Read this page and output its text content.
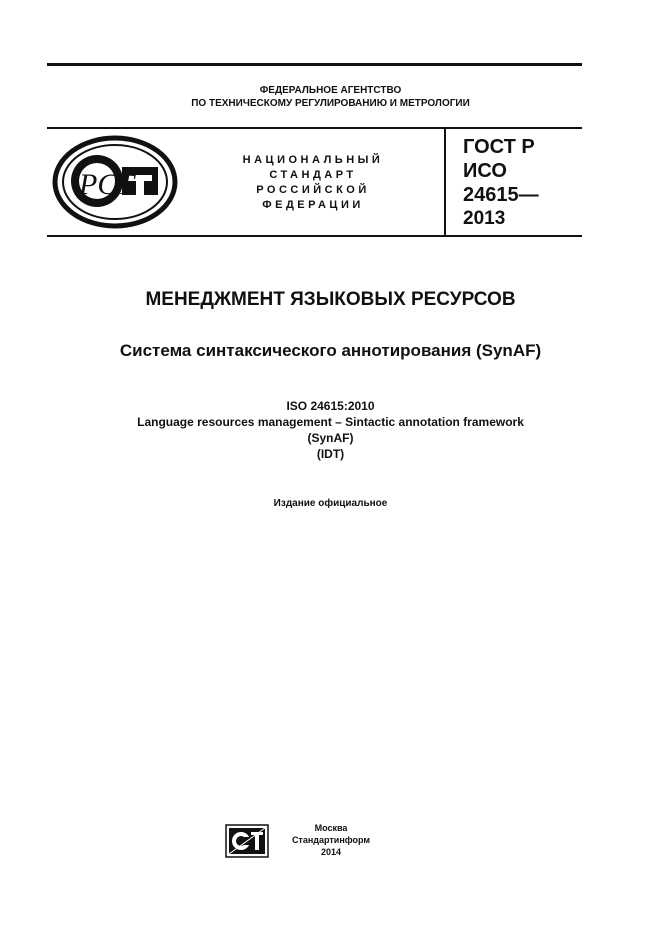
ФЕДЕРАЛЬНОЕ АГЕНТСТВО
ПО ТЕХНИЧЕСКОМУ РЕГУЛИРОВАНИЮ И МЕТРОЛОГИИ
PCT
НАЦИОНАЛЬНЫЙ
СТАНДАРТ
РОССИЙСКОЙ
ФЕДЕРАЦИИ
ГОСТ Р
ИСО
24615—
2013
МЕНЕДЖМЕНТ ЯЗЫКОВЫХ РЕСУРСОВ
Система синтаксического аннотирования (SynAF)
ISO 24615:2010
Language resources management – Sintactic annotation framework
(SynAF)
(IDT)
Издание официальное
Москва
Стандартинформ
2014
